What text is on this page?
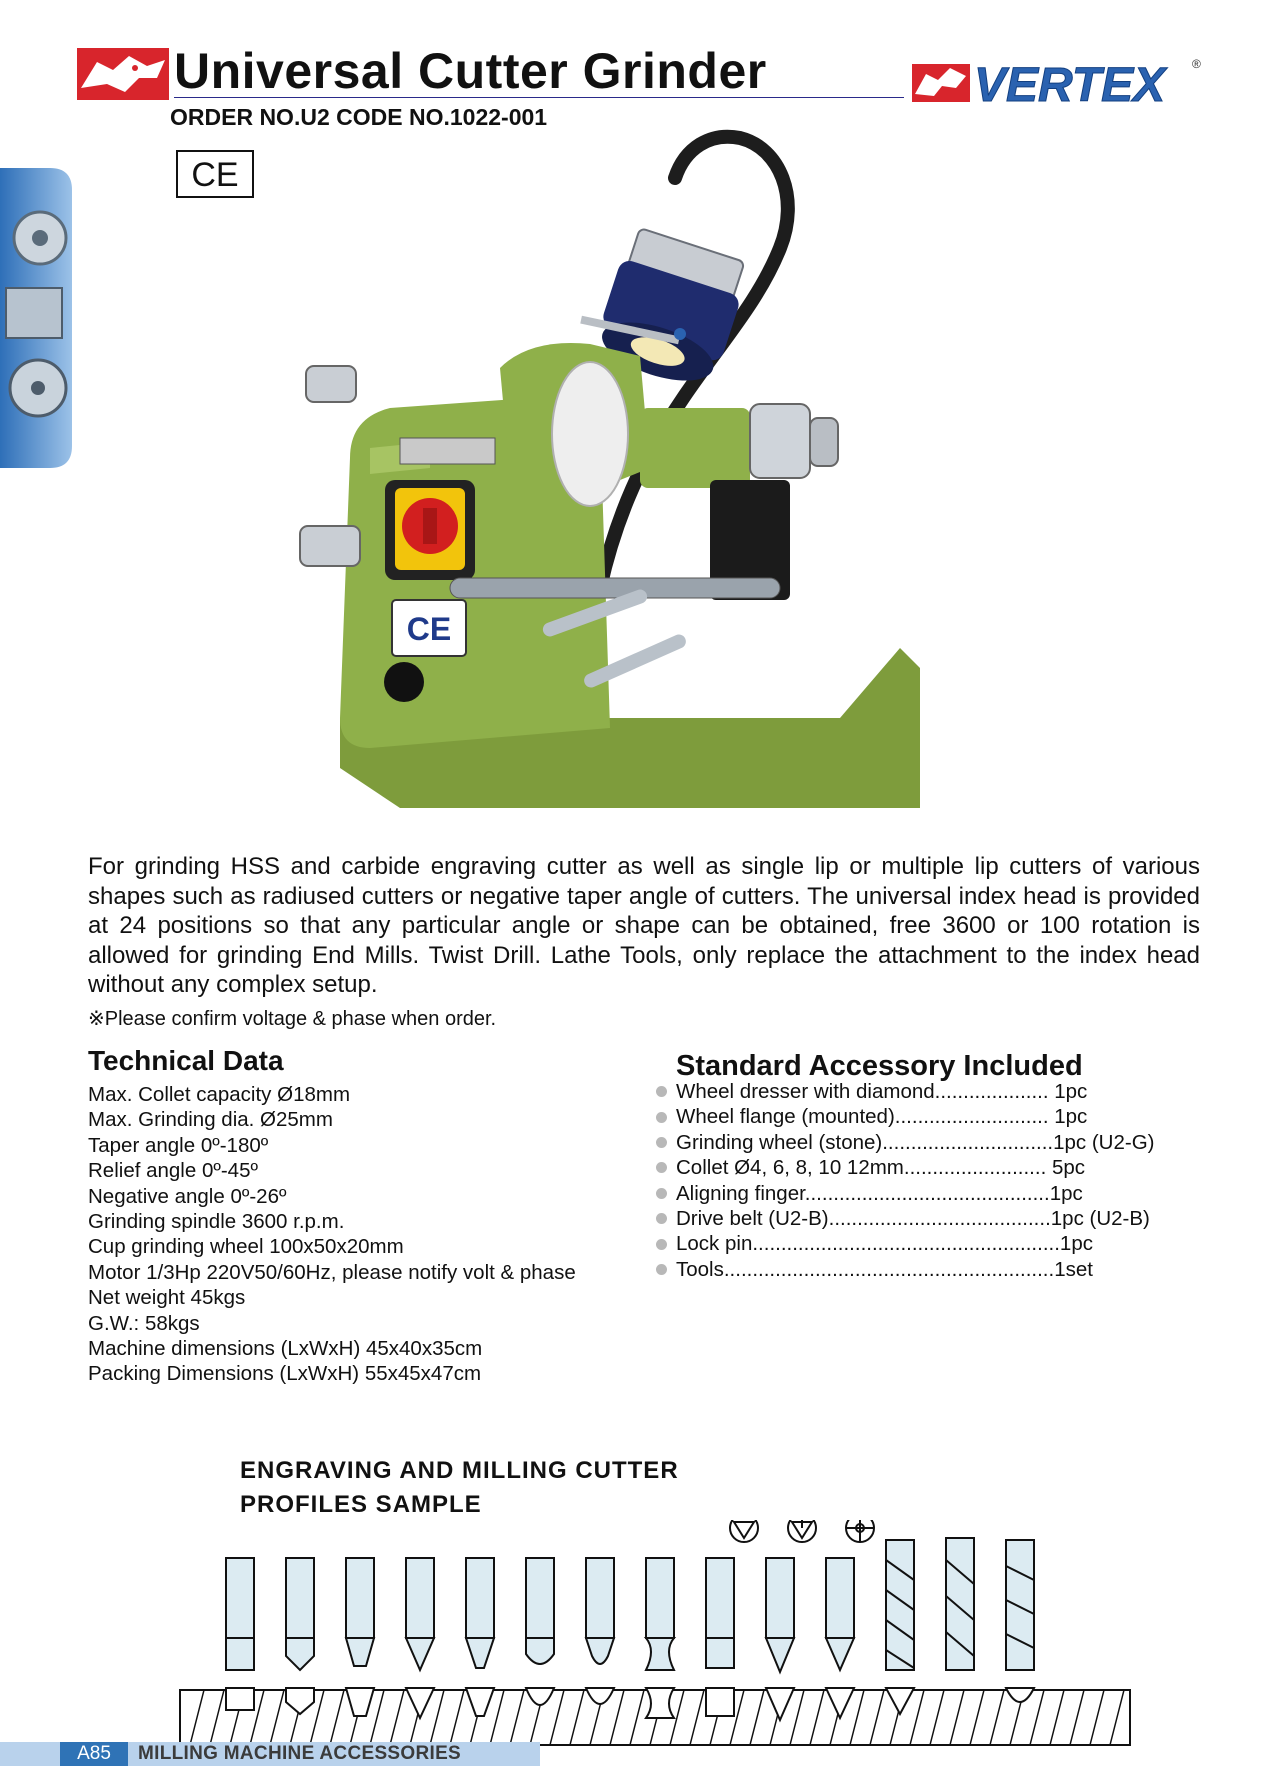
Universal Cutter Grinder
ORDER NO.U2 CODE NO.1022-001
VERTEX ®
CE
CE
For grinding HSS and carbide engraving cutter as well as single lip or multiple lip cutters of various shapes such as radiused cutters or negative taper angle of cutters. The universal index head is provided at 24 positions so that any particular angle or shape can be obtained, free 3600 or 100 rotation is allowed for grinding End Mills. Twist Drill. Lathe Tools, only replace the attachment to the index head without any complex setup.
※Please confirm voltage & phase when order.
Technical Data
Max. Collet capacity Ø18mm
Max. Grinding dia. Ø25mm
Taper angle 0º-180º
Relief angle 0º-45º
Negative angle 0º-26º
Grinding spindle 3600 r.p.m.
Cup grinding wheel 100x50x20mm
Motor 1/3Hp 220V50/60Hz, please notify volt & phase
Net weight 45kgs
G.W.: 58kgs
Machine dimensions (LxWxH) 45x40x35cm
Packing Dimensions (LxWxH) 55x45x47cm
Standard Accessory Included
Wheel dresser with diamond.................... 1pc
Wheel flange (mounted)........................... 1pc
Grinding wheel (stone)..............................1pc (U2-G)
Collet Ø4, 6, 8, 10 12mm......................... 5pc
Aligning finger...........................................1pc
Drive belt (U2-B).......................................1pc (U2-B)
Lock pin......................................................1pc
Tools..........................................................1set
ENGRAVING AND MILLING CUTTER
PROFILES SAMPLE
A85	MILLING MACHINE ACCESSORIES
